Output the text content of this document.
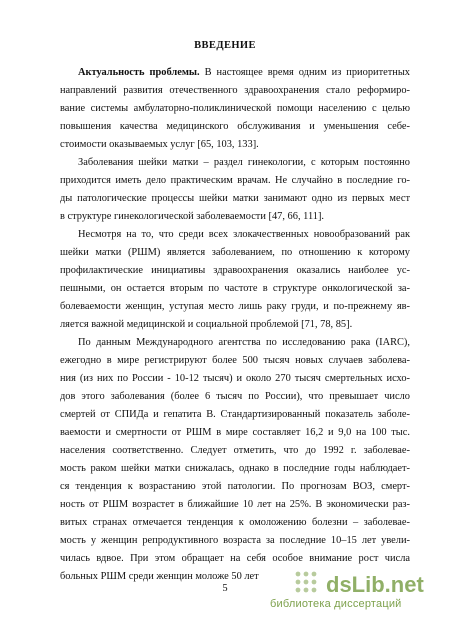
ВВЕДЕНИЕ
Актуальность проблемы. В настоящее время одним из приоритетных
направлений развития отечественного здравоохранения стало реформиро-
вание системы амбулаторно-поликлинической помощи населению с целью
повышения качества медицинского обслуживания и уменьшения себе-
стоимости оказываемых услуг [65, 103, 133].
Заболевания шейки матки – раздел гинекологии, с которым постоянно
приходится иметь дело практическим врачам. Не случайно в последние го-
ды патологические процессы шейки матки занимают одно из первых мест
в структуре гинекологической заболеваемости [47, 66, 111].
Несмотря на то, что среди всех злокачественных новообразований рак
шейки матки (РШМ) является заболеванием, по отношению к которому
профилактические инициативы здравоохранения оказались наиболее ус-
пешными, он остается вторым по частоте в структуре онкологической за-
болеваемости женщин, уступая место лишь раку груди, и по-прежнему яв-
ляется важной медицинской и социальной проблемой [71, 78, 85].
По данным Международного агентства по исследованию рака (IARC),
ежегодно в мире регистрируют более 500 тысяч новых случаев заболева-
ния (из них по России - 10-12 тысяч) и около 270 тысяч смертельных исхо-
дов этого заболевания (более 6 тысяч по России), что превышает число
смертей от СПИДа и гепатита В. Стандартизированный показатель заболе-
ваемости и смертности от РШМ в мире составляет 16,2 и 9,0 на 100 тыс.
населения соответственно. Следует отметить, что до 1992 г. заболевае-
мость раком шейки матки снижалась, однако в последние годы наблюдает-
ся тенденция к возрастанию этой патологии. По прогнозам ВОЗ, смерт-
ность от РШМ возрастет в ближайшие 10 лет на 25%. В экономически раз-
витых странах отмечается тенденция к омоложению болезни – заболевае-
мость у женщин репродуктивного возраста за последние 10–15 лет увели-
чилась вдвое. При этом обращает на себя особое внимание рост числа
больных РШМ среди женщин моложе 50 лет
5	dsLib.net
библиотека диссертаций
